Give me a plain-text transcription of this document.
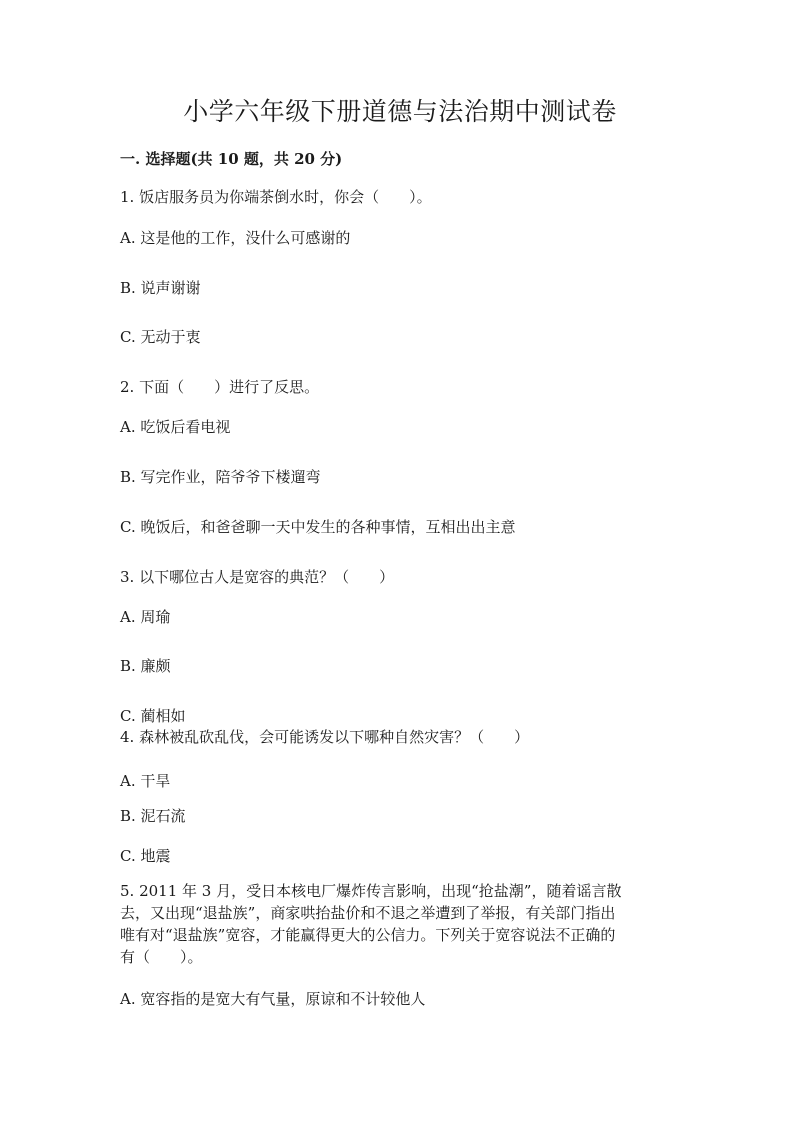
小学六年级下册道德与法治期中测试卷
一. 选择题(共 10 题，共 20 分)

1. 饭店服务员为你端茶倒水时，你会（　　）。

A. 这是他的工作，没什么可感谢的

B. 说声谢谢

C. 无动于衷

2. 下面（　　）进行了反思。

A. 吃饭后看电视

B. 写完作业，陪爷爷下楼遛弯

C. 晚饭后，和爸爸聊一天中发生的各种事情，互相出出主意

3. 以下哪位古人是宽容的典范？（　　）

A. 周瑜

B. 廉颇

C. 蔺相如

4. 森林被乱砍乱伐，会可能诱发以下哪种自然灾害？（　　）

A. 干旱

B. 泥石流

C. 地震

5. 2011 年 3 月，受日本核电厂爆炸传言影响，出现“抢盐潮”，随着谣言散
去，又出现“退盐族”，商家哄抬盐价和不退之举遭到了举报，有关部门指出
唯有对“退盐族”宽容，才能赢得更大的公信力。下列关于宽容说法不正确的
有（　　）。

A. 宽容指的是宽大有气量，原谅和不计较他人
